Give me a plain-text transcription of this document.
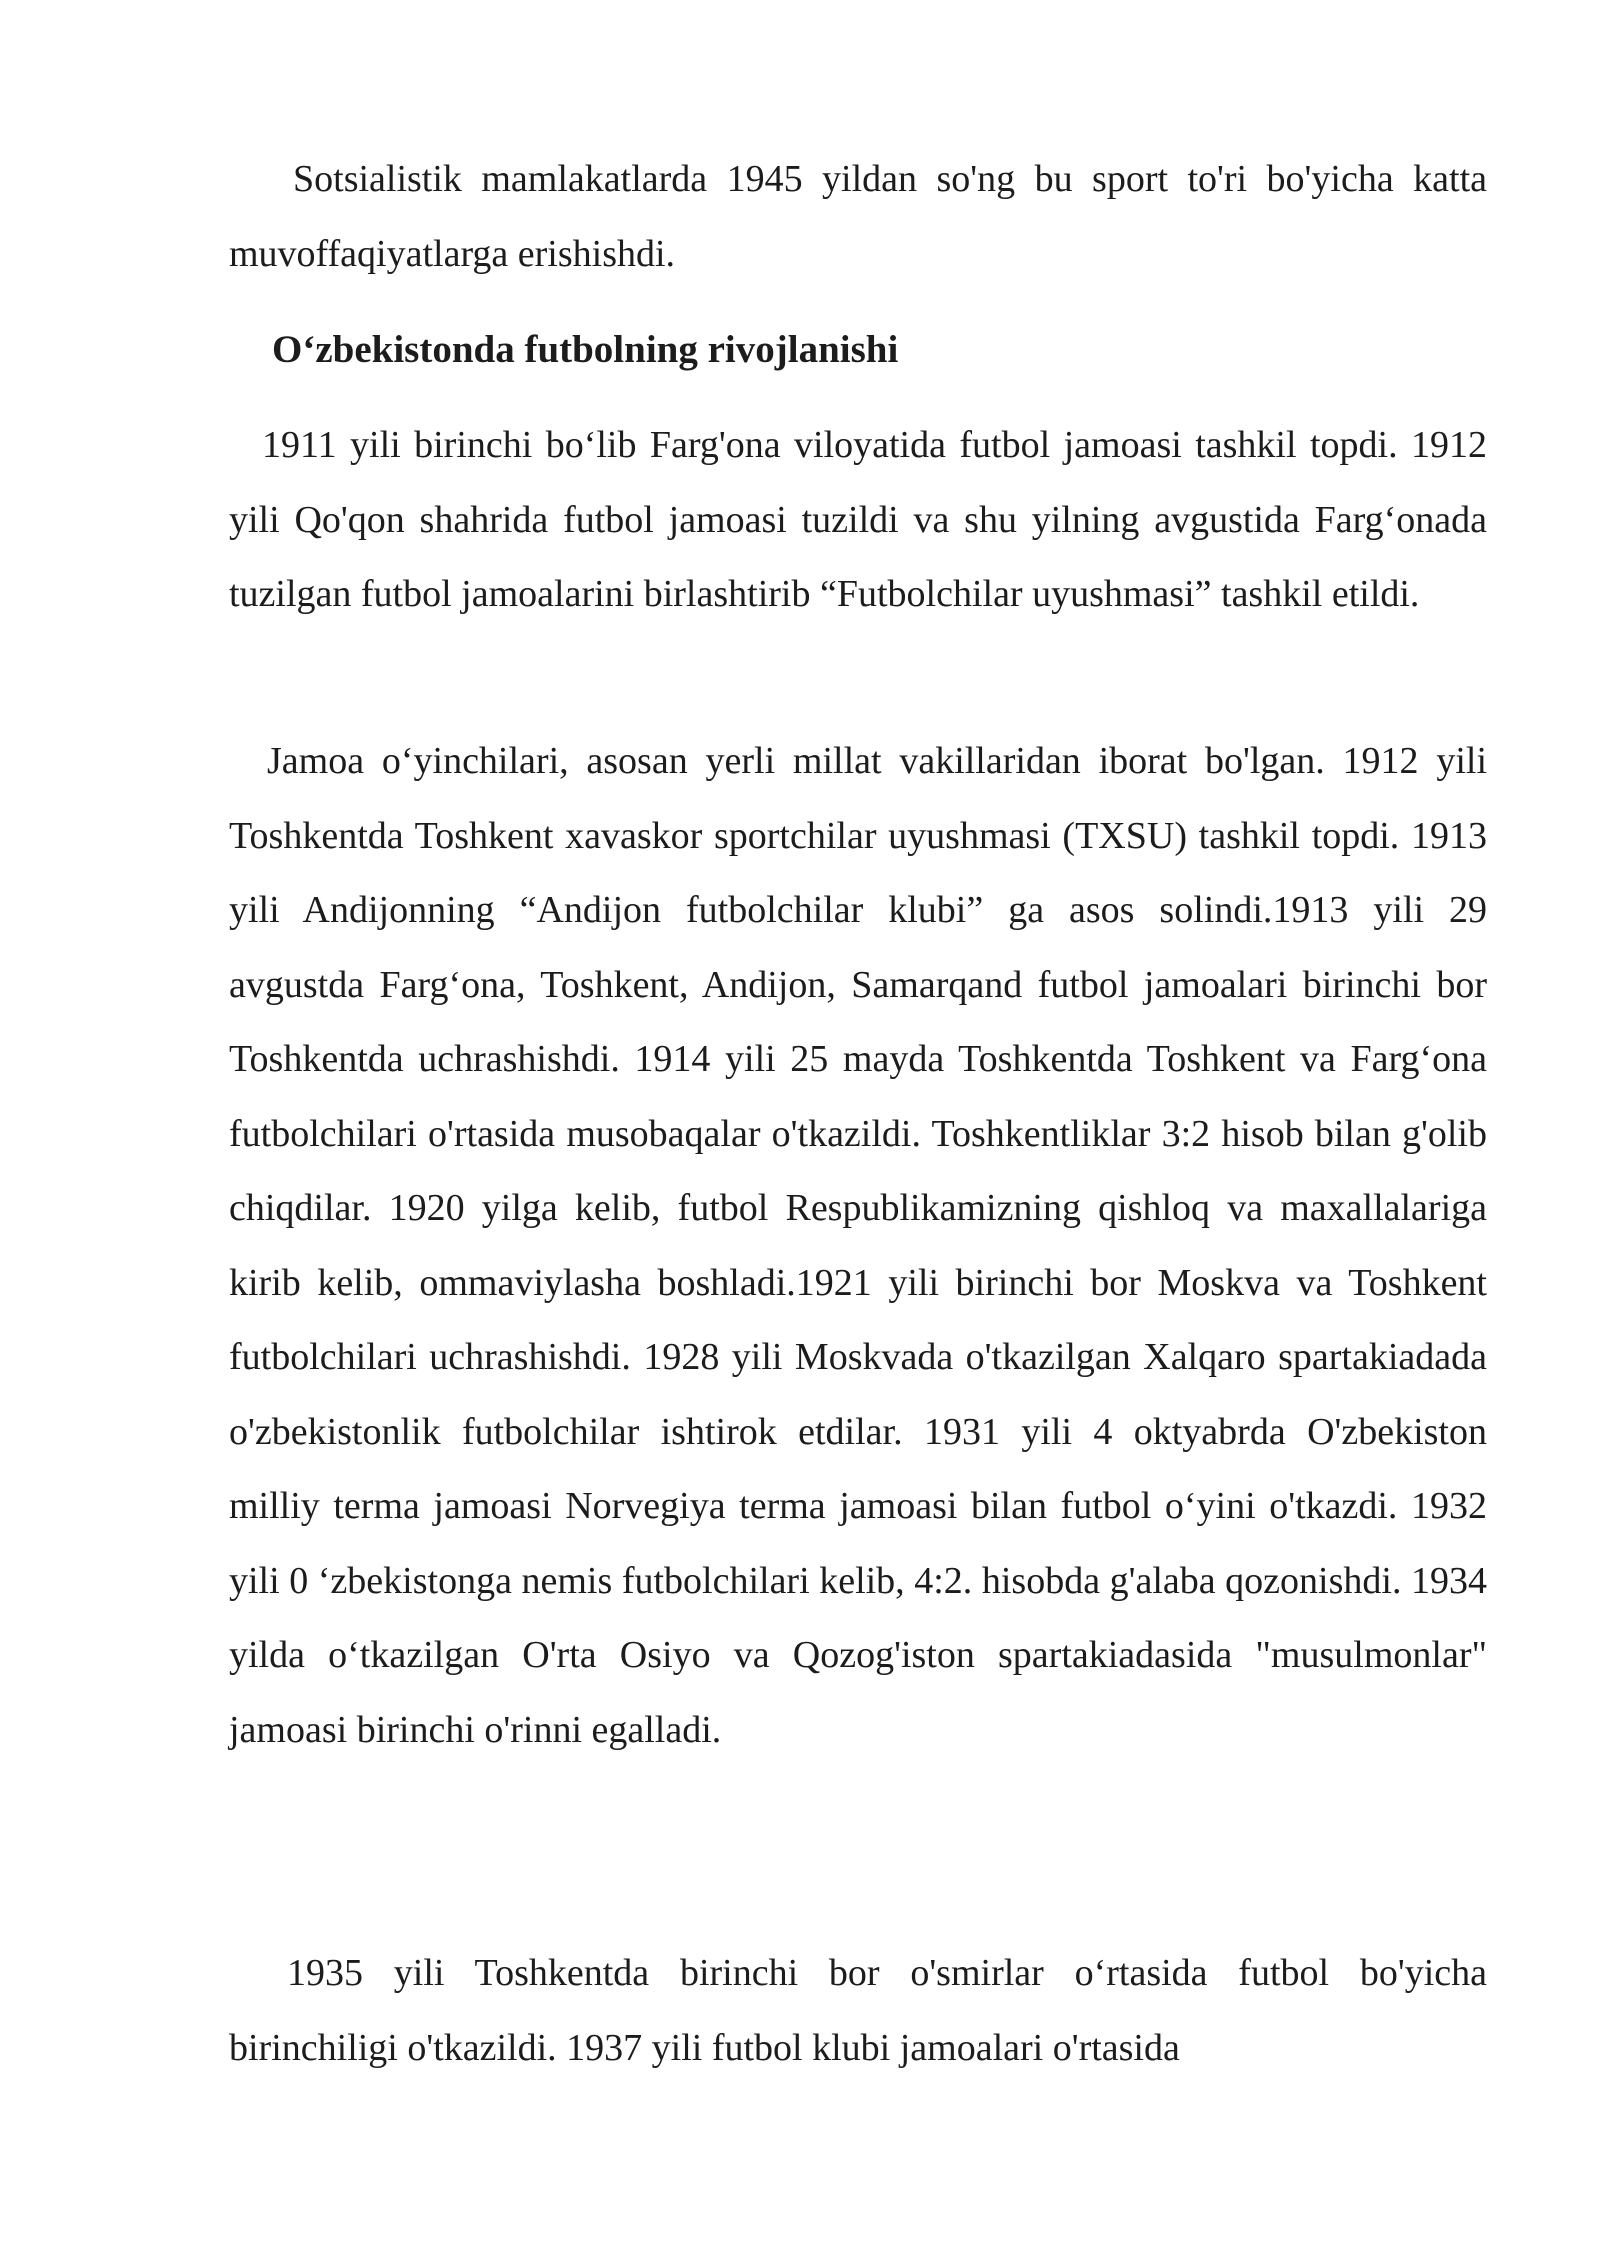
Sotsialistik mamlakatlarda 1945 yildan so'ng bu sport to'ri bo'yicha katta muvoffaqiyatlarga erishishdi.

O‘zbekistonda futbolning rivojlanishi

1911 yili birinchi bo‘lib Farg'ona viloyatida futbol jamoasi tashkil topdi. 1912 yili Qo'qon shahrida futbol jamoasi tuzildi va shu yilning avgustida Farg‘onada tuzilgan futbol jamoalarini birlashtirib “Futbolchilar uyushmasi” tashkil etildi.

Jamoa o‘yinchilari, asosan yerli millat vakillaridan iborat bo'lgan. 1912 yili Toshkentda Toshkent xavaskor sportchilar uyushmasi (TXSU) tashkil topdi. 1913 yili Andijonning “Andijon futbolchilar klubi” ga asos solindi.1913 yili 29 avgustda Farg‘ona, Toshkent, Andijon, Samarqand futbol jamoalari birinchi bor Toshkentda uchrashishdi. 1914 yili 25 mayda Toshkentda Toshkent va Farg‘ona futbolchilari o'rtasida musobaqalar o'tkazildi. Toshkentliklar 3:2 hisob bilan g'olib chiqdilar. 1920 yilga kelib, futbol Respublikamizning qishloq va maxallalariga kirib kelib, ommaviylasha boshladi.1921 yili birinchi bor Moskva va Toshkent futbolchilari uchrashishdi. 1928 yili Moskvada o'tkazilgan Xalqaro spartakiadada o'zbekistonlik futbolchilar ishtirok etdilar. 1931 yili 4 oktyabrda O'zbekiston milliy terma jamoasi Norvegiya terma jamoasi bilan futbol o‘yini o'tkazdi. 1932 yili 0 ‘zbekistonga nemis futbolchilari kelib, 4:2. hisobda g'alaba qozonishdi. 1934 yilda o‘tkazilgan O'rta Osiyo va Qozog'iston spartakiadasida "musulmonlar" jamoasi birinchi o'rinni egalladi.

1935 yili Toshkentda birinchi bor o'smirlar o‘rtasida futbol bo'yicha birinchiligi o'tkazildi. 1937 yili futbol klubi jamoalari o'rtasida
